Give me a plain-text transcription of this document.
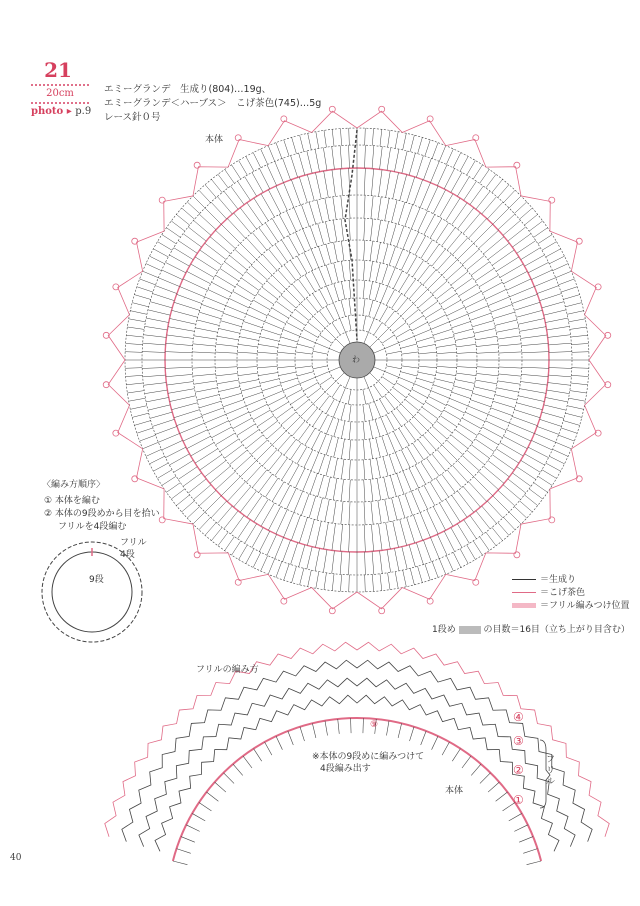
21
20cm
photo ▸ p.9
エミーグランデ　生成り(804)…19g、
エミーグランデ＜ハーブス＞　こげ茶色(745)…5g
レース針０号
本体
わ
〈編み方順序〉
① 本体を編む
② 本体の9段めから目を拾い
フリルを4段編む
フリル
4段
9段	＝生成り
＝こげ茶色
＝フリル編みつけ位置
1段め	の目数＝16目（立ち上がり目含む）
フリルの編み方
※本体の9段めに編みつけて
4段編み出す
本体
フリル
④
③
②
①
⑨
40
